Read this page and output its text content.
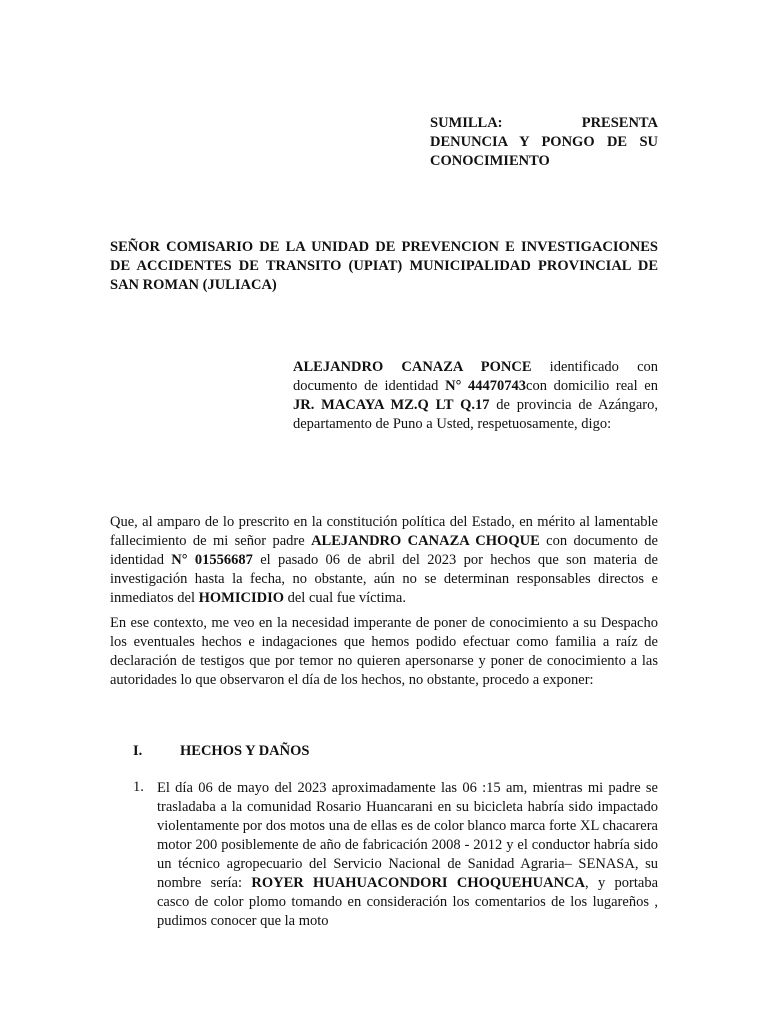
SUMILLA:	PRESENTA

DENUNCIA Y PONGO DE SU

CONOCIMIENTO

SEÑOR COMISARIO DE LA UNIDAD DE PREVENCION E INVESTIGACIONES DE ACCIDENTES DE TRANSITO (UPIAT) MUNICIPALIDAD PROVINCIAL DE SAN ROMAN (JULIACA)

ALEJANDRO CANAZA PONCE identificado con documento de identidad N° 44470743con domicilio real en JR. MACAYA MZ.Q LT Q.17 de provincia de Azángaro, departamento de Puno a Usted, respetuosamente, digo:

Que, al amparo de lo prescrito en la constitución política del Estado, en mérito al lamentable fallecimiento de mi señor padre ALEJANDRO CANAZA CHOQUE con documento de identidad N° 01556687 el pasado 06 de abril del 2023 por hechos que son materia de investigación hasta la fecha, no obstante, aún no se determinan responsables directos e inmediatos del HOMICIDIO del cual fue víctima.

En ese contexto, me veo en la necesidad imperante de poner de conocimiento a su Despacho los eventuales hechos e indagaciones que hemos podido efectuar como familia a raíz de declaración de testigos que por temor no quieren apersonarse y poner de conocimiento a las autoridades lo que observaron el día de los hechos, no obstante, procedo a exponer:

I.	HECHOS Y DAÑOS
1. El día 06 de mayo del 2023 aproximadamente las 06 :15 am, mientras mi padre se trasladaba a la comunidad Rosario Huancarani en su bicicleta habría sido impactado violentamente por dos motos una de ellas es de color blanco marca forte XL chacarera motor 200 posiblemente de año de fabricación 2008 - 2012 y el conductor habría sido un técnico agropecuario del Servicio Nacional de Sanidad Agraria– SENASA, su nombre sería: ROYER HUAHUACONDORI CHOQUEHUANCA, y portaba casco de color plomo tomando en consideración los comentarios de los lugareños , pudimos conocer que la moto
